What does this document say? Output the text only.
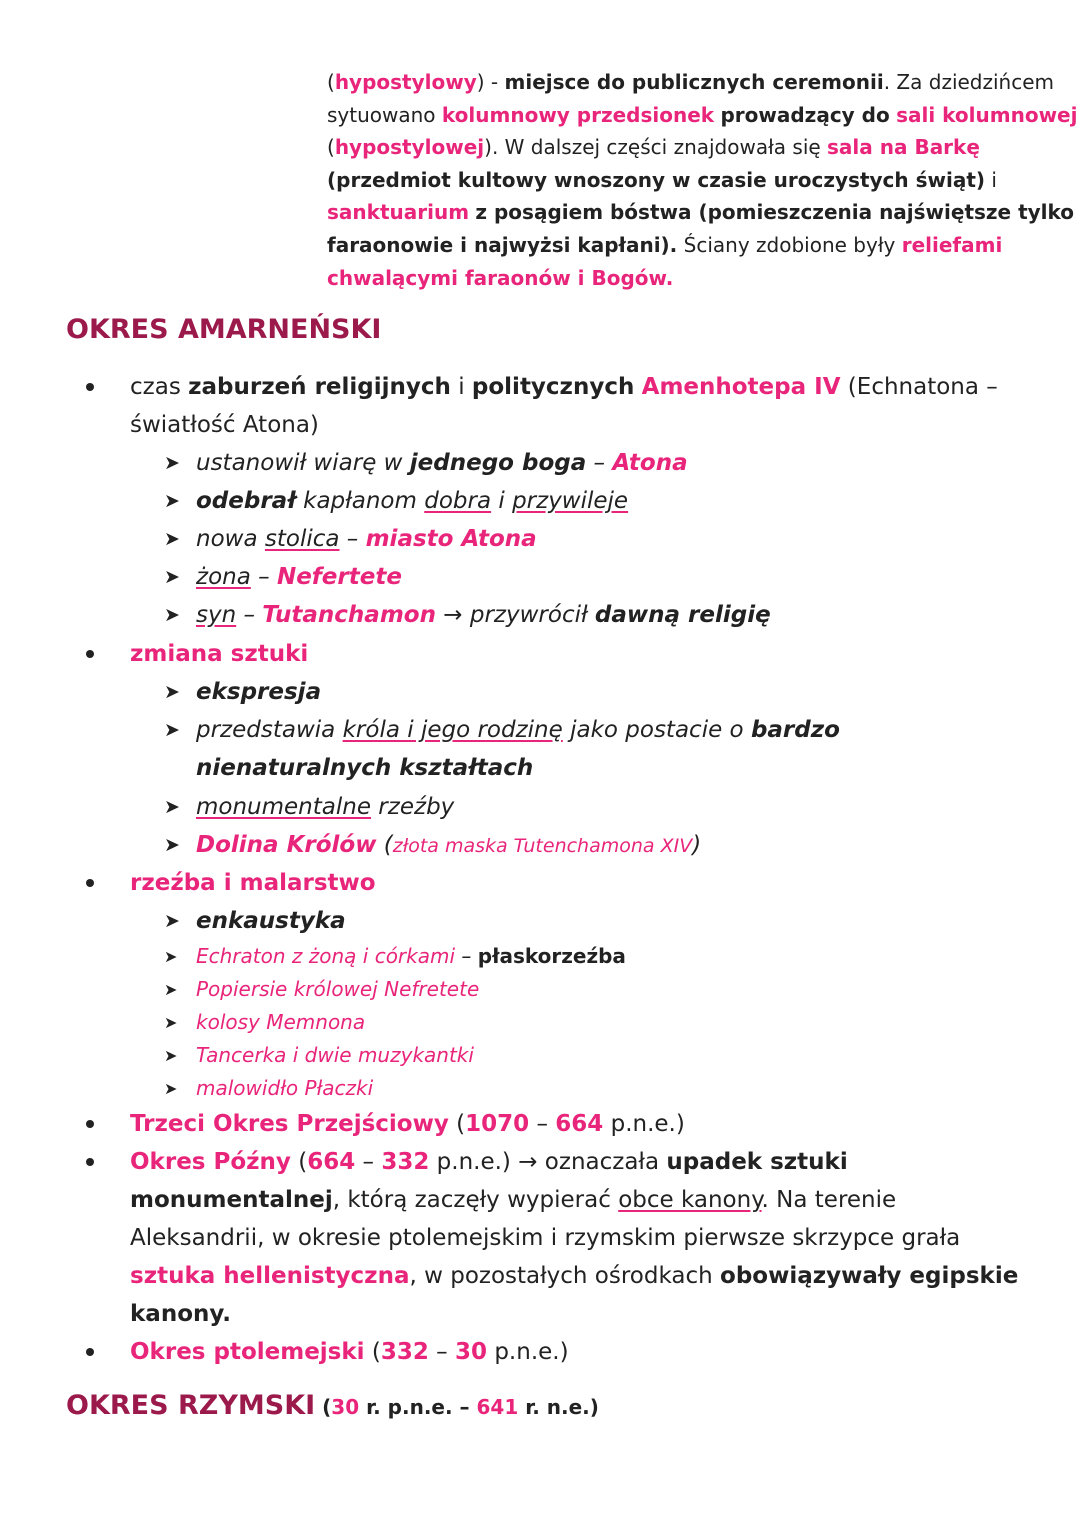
(hypostylowy) - miejsce do publicznych ceremonii. Za dziedzińcem

sytuowano kolumnowy przedsionek prowadzący do sali kolumnowej

(hypostylowej). W dalszej części znajdowała się sala na Barkę

(przedmiot kultowy wnoszony w czasie uroczystych świąt) i

sanktuarium z posągiem bóstwa (pomieszczenia najświętsze tylko

faraonowie i najwyżsi kapłani). Ściany zdobione były reliefami

chwalącymi faraonów i Bogów.

OKRES AMARNEŃSKI
czas zaburzeń religijnych i politycznych Amenhotepa IV (Echnatona –
światłość Atona)
➤ ustanowił wiarę w jednego boga – Atona
➤ odebrał kapłanom dobra i przywileje
➤ nowa stolica – miasto Atona
➤ żona – Nefertete
➤ syn – Tutanchamon → przywrócił dawną religię
zmiana sztuki
➤ ekspresja
➤ przedstawia króla i jego rodzinę jako postacie o bardzo
nienaturalnych kształtach
➤ monumentalne rzeźby
➤ Dolina Królów (złota maska Tutenchamona XIV)
rzeźba i malarstwo
➤ enkaustyka
➤ Echraton z żoną i córkami – płaskorzeźba
➤ Popiersie królowej Nefretete
➤ kolosy Memnona
➤ Tancerka i dwie muzykantki
➤ malowidło Płaczki
Trzeci Okres Przejściowy (1070 – 664 p.n.e.)
Okres Późny (664 – 332 p.n.e.) → oznaczała upadek sztuki
monumentalnej, którą zaczęły wypierać obce kanony. Na terenie
Aleksandrii, w okresie ptolemejskim i rzymskim pierwsze skrzypce grała
sztuka hellenistyczna, w pozostałych ośrodkach obowiązywały egipskie
kanony.
Okres ptolemejski (332 – 30 p.n.e.)
OKRES RZYMSKI (30 r. p.n.e. – 641 r. n.e.)
